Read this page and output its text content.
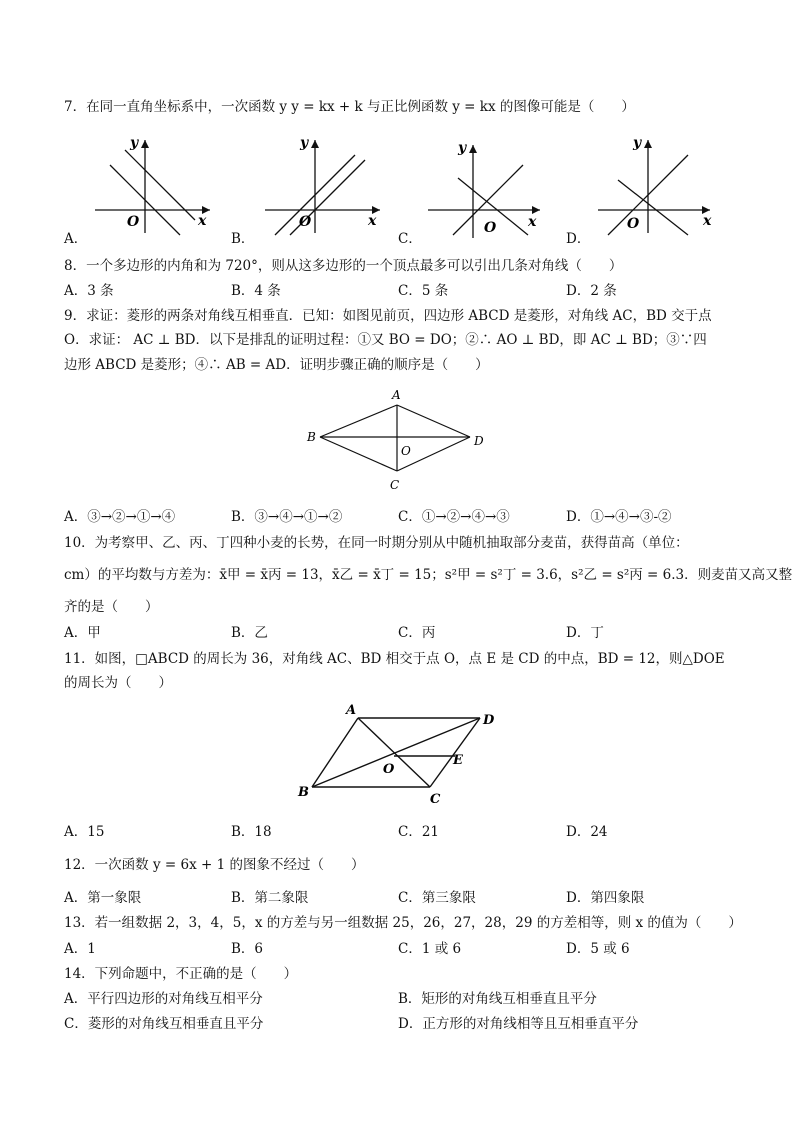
7．在同一直角坐标系中，一次函数 y y = kx + k 与正比例函数 y = kx 的图像可能是（　　）
y
x
O
y
x
O
y
x
O
y
x
O
A．	B．	C．	D．
8．一个多边形的内角和为 720°，则从这多边形的一个顶点最多可以引出几条对角线（　　）
A．3 条	B．4 条	C．5 条	D．2 条
9．求证：菱形的两条对角线互相垂直．已知：如图见前页，四边形 ABCD 是菱形，对角线 AC，BD 交于点
O．求证： AC ⊥ BD．以下是排乱的证明过程：①又 BO = DO；②∴ AO ⊥ BD，即 AC ⊥ BD；③∵四
边形 ABCD 是菱形；④∴ AB = AD．证明步骤正确的顺序是（　　）
A
B
C
D
O
A．③→②→①→④	B．③→④→①→②	C．①→②→④→③	D．①→④→③-②
10．为考察甲、乙、丙、丁四种小麦的长势，在同一时期分别从中随机抽取部分麦苗，获得苗高（单位：
cm）的平均数与方差为：x̄甲 = x̄丙 = 13，x̄乙 = x̄丁 = 15；s²甲 = s²丁 = 3.6，s²乙 = s²丙 = 6.3．则麦苗又高又整
齐的是（　　）
A．甲	B．乙	C．丙	D．丁
11．如图，□ABCD 的周长为 36，对角线 AC、BD 相交于点 O，点 E 是 CD 的中点，BD = 12，则△DOE
的周长为（　　）
A
D
B	C
O
E
A．15	B．18	C．21	D．24
12．一次函数 y = 6x + 1 的图象不经过（　　）
A．第一象限	B．第二象限	C．第三象限	D．第四象限
13．若一组数据 2，3，4，5，x 的方差与另一组数据 25，26，27，28，29 的方差相等，则 x 的值为（　　）
A．1	B．6	C．1 或 6	D．5 或 6
14．下列命题中，不正确的是（　　）
A．平行四边形的对角线互相平分	B．矩形的对角线互相垂直且平分
C．菱形的对角线互相垂直且平分	D．正方形的对角线相等且互相垂直平分
